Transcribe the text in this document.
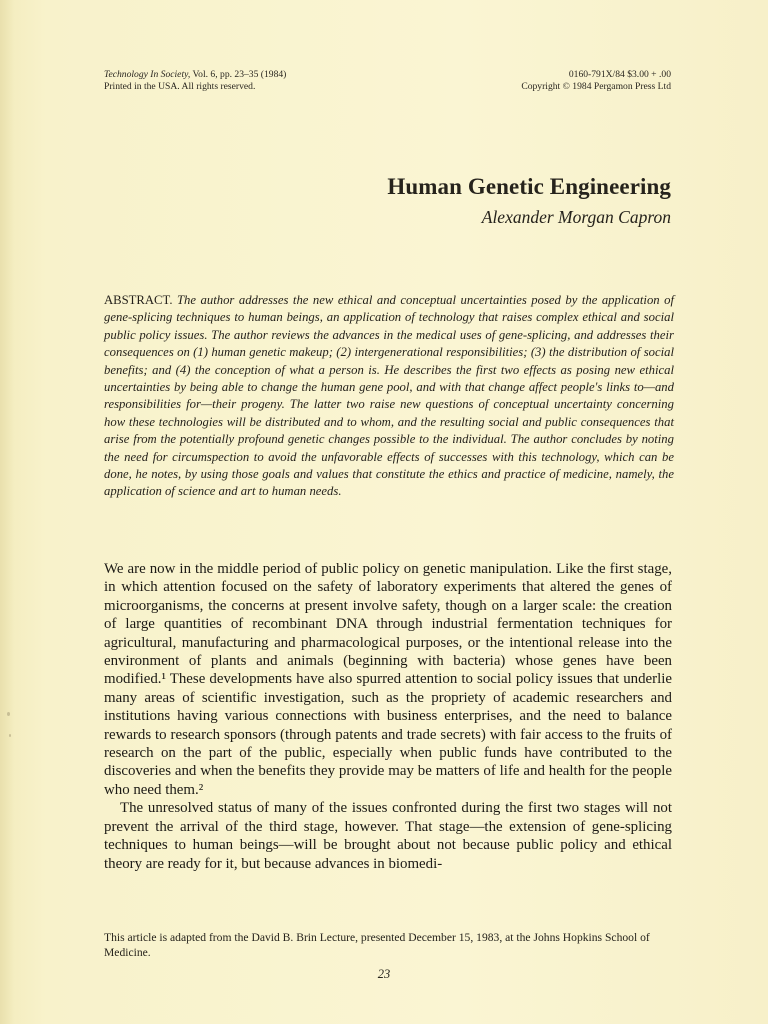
Technology In Society, Vol. 6, pp. 23–35 (1984)
Printed in the USA. All rights reserved.
0160-791X/84 $3.00 + .00
Copyright © 1984 Pergamon Press Ltd
Human Genetic Engineering
Alexander Morgan Capron

ABSTRACT. The author addresses the new ethical and conceptual uncertainties posed by the application of gene-splicing techniques to human beings, an application of technology that raises complex ethical and social public policy issues. The author reviews the advances in the medical uses of gene-splicing, and addresses their consequences on (1) human genetic makeup; (2) intergenerational responsibilities; (3) the distribution of social benefits; and (4) the conception of what a person is. He describes the first two effects as posing new ethical uncertainties by being able to change the human gene pool, and with that change affect people's links to—and responsibilities for—their progeny. The latter two raise new questions of conceptual uncertainty concerning how these technologies will be distributed and to whom, and the resulting social and public consequences that arise from the potentially profound genetic changes possible to the individual. The author concludes by noting the need for circumspection to avoid the unfavorable effects of successes with this technology, which can be done, he notes, by using those goals and values that constitute the ethics and practice of medicine, namely, the application of science and art to human needs.

We are now in the middle period of public policy on genetic manipulation. Like the first stage, in which attention focused on the safety of laboratory experiments that altered the genes of microorganisms, the concerns at present involve safety, though on a larger scale: the creation of large quantities of recombinant DNA through industrial fermentation techniques for agricultural, manufacturing and pharmacological purposes, or the intentional release into the environment of plants and animals (beginning with bacteria) whose genes have been modified.¹ These developments have also spurred attention to social policy issues that underlie many areas of scientific investigation, such as the propriety of academic researchers and institutions having various connections with business enterprises, and the need to balance rewards to research sponsors (through patents and trade secrets) with fair access to the fruits of research on the part of the public, especially when public funds have contributed to the discoveries and when the benefits they provide may be matters of life and health for the people who need them.²

The unresolved status of many of the issues confronted during the first two stages will not prevent the arrival of the third stage, however. That stage—the extension of gene-splicing techniques to human beings—will be brought about not because public policy and ethical theory are ready for it, but because advances in biomedi-

This article is adapted from the David B. Brin Lecture, presented December 15, 1983, at the Johns Hopkins School of Medicine.

23
